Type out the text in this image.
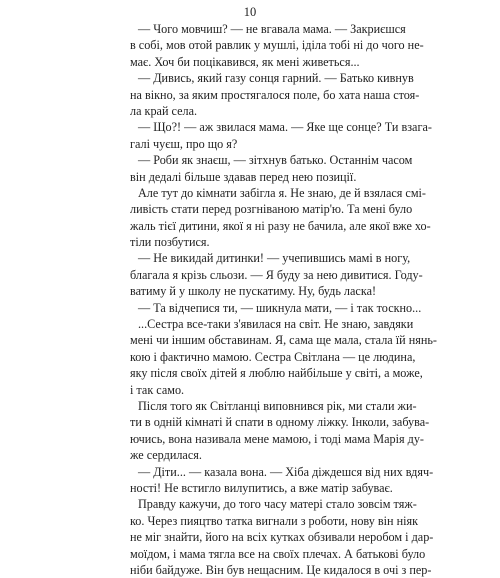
10
— Чого мовчиш? — не вгавала мама. — Закриєшся
в собі, мов отой равлик у мушлі, іділа тобі ні до чого не-
має. Хоч би поцікавився, як мені живеться...
— Дивись, який газу сонця гарний. — Батько кивнув
на вікно, за яким простягалося поле, бо хата наша стоя-
ла край села.
— Що?! — аж звилася мама. — Яке ще сонце? Ти взага-
галі чуєш, про що я?
— Роби як знаєш, — зітхнув батько. Останнім часом
він дедалі більше здавав перед нею позиції.
Але тут до кімнати забігла я. Не знаю, де й взялася смі-
ливість стати перед розгніваною матір'ю. Та мені було
жаль тієї дитини, якої я ні разу не бачила, але якої вже хо-
тіли позбутися.
— Не викидай дитинки! — учепившись мамі в ногу,
благала я крізь сльози. — Я буду за нею дивитися. Году-
ватиму й у школу не пускатиму. Ну, будь ласка!
— Та відчепися ти, — шикнула мати, — і так тоскно...
...Сестра все-таки з'явилася на світ. Не знаю, завдяки
мені чи іншим обставинам. Я, сама ще мала, стала їй нянь-
кою і фактично мамою. Сестра Світлана — це людина,
яку після своїх дітей я люблю найбільше у світі, а може,
і так само.
Після того як Світланці виповнився рік, ми стали жи-
ти в одній кімнаті й спати в одному ліжку. Інколи, забува-
ючись, вона називала мене мамою, і тоді мама Марія ду-
же сердилася.
— Діти... — казала вона. — Хіба діждешся від них вдяч-
ності! Не встигло вилупитись, а вже матір забуває.
Правду кажучи, до того часу матері стало зовсім тяж-
ко. Через пияцтво татка вигнали з роботи, нову він ніяк
не міг знайти, його на всіх кутках обзивали неробом і дар-
моїдом, і мама тягла все на своїх плечах. А батькові було
ніби байдуже. Він був нещасним. Це кидалося в очі з пер-
